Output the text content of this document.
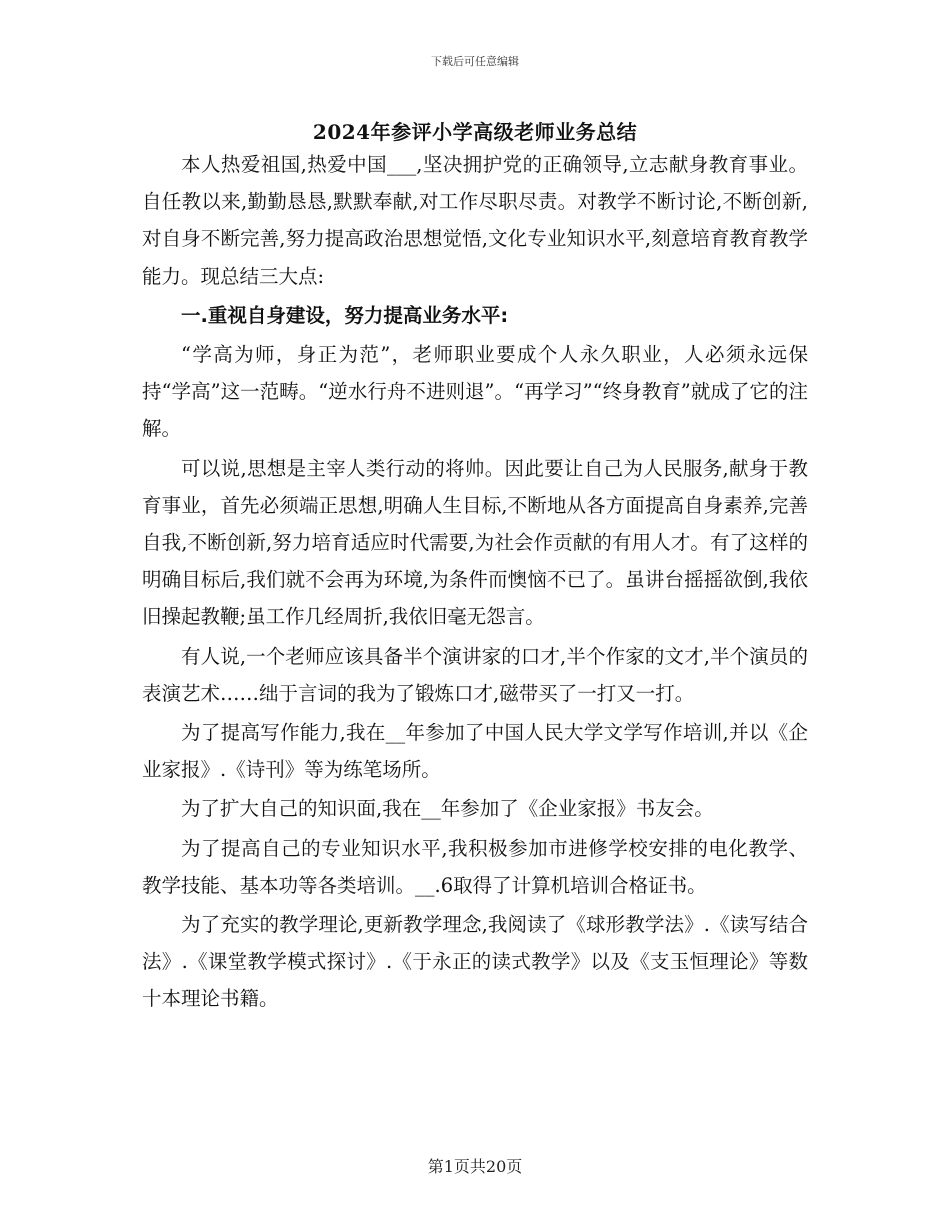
下载后可任意编辑
2024年参评小学高级老师业务总结

本人热爱祖国,热爱中国___,坚决拥护党的正确领导,立志献身教育事业。自任教以来,勤勤恳恳,默默奉献,对工作尽职尽责。对教学不断讨论,不断创新,对自身不断完善,努力提高政治思想觉悟,文化专业知识水平,刻意培育教育教学能力。现总结三大点:

一.重视自身建设，努力提高业务水平:

“学高为师，身正为范”，老师职业要成个人永久职业，人必须永远保持“学高”这一范畴。“逆水行舟不进则退”。“再学习”“终身教育”就成了它的注解。

可以说,思想是主宰人类行动的将帅。因此要让自己为人民服务,献身于教育事业，首先必须端正思想,明确人生目标,不断地从各方面提高自身素养,完善自我,不断创新,努力培育适应时代需要,为社会作贡献的有用人才。有了这样的明确目标后,我们就不会再为环境,为条件而懊恼不已了。虽讲台摇摇欲倒,我依旧操起教鞭;虽工作几经周折,我依旧毫无怨言。

有人说,一个老师应该具备半个演讲家的口才,半个作家的文才,半个演员的表演艺术……绌于言词的我为了锻炼口才,磁带买了一打又一打。

为了提高写作能力,我在__年参加了中国人民大学文学写作培训,并以《企业家报》.《诗刊》等为练笔场所。

为了扩大自己的知识面,我在__年参加了《企业家报》书友会。

为了提高自己的专业知识水平,我积极参加市进修学校安排的电化教学、教学技能、基本功等各类培训。__.6取得了计算机培训合格证书。

为了充实的教学理论,更新教学理念,我阅读了《球形教学法》.《读写结合法》.《课堂教学模式探讨》.《于永正的读式教学》以及《支玉恒理论》等数十本理论书籍。

第1页共20页
